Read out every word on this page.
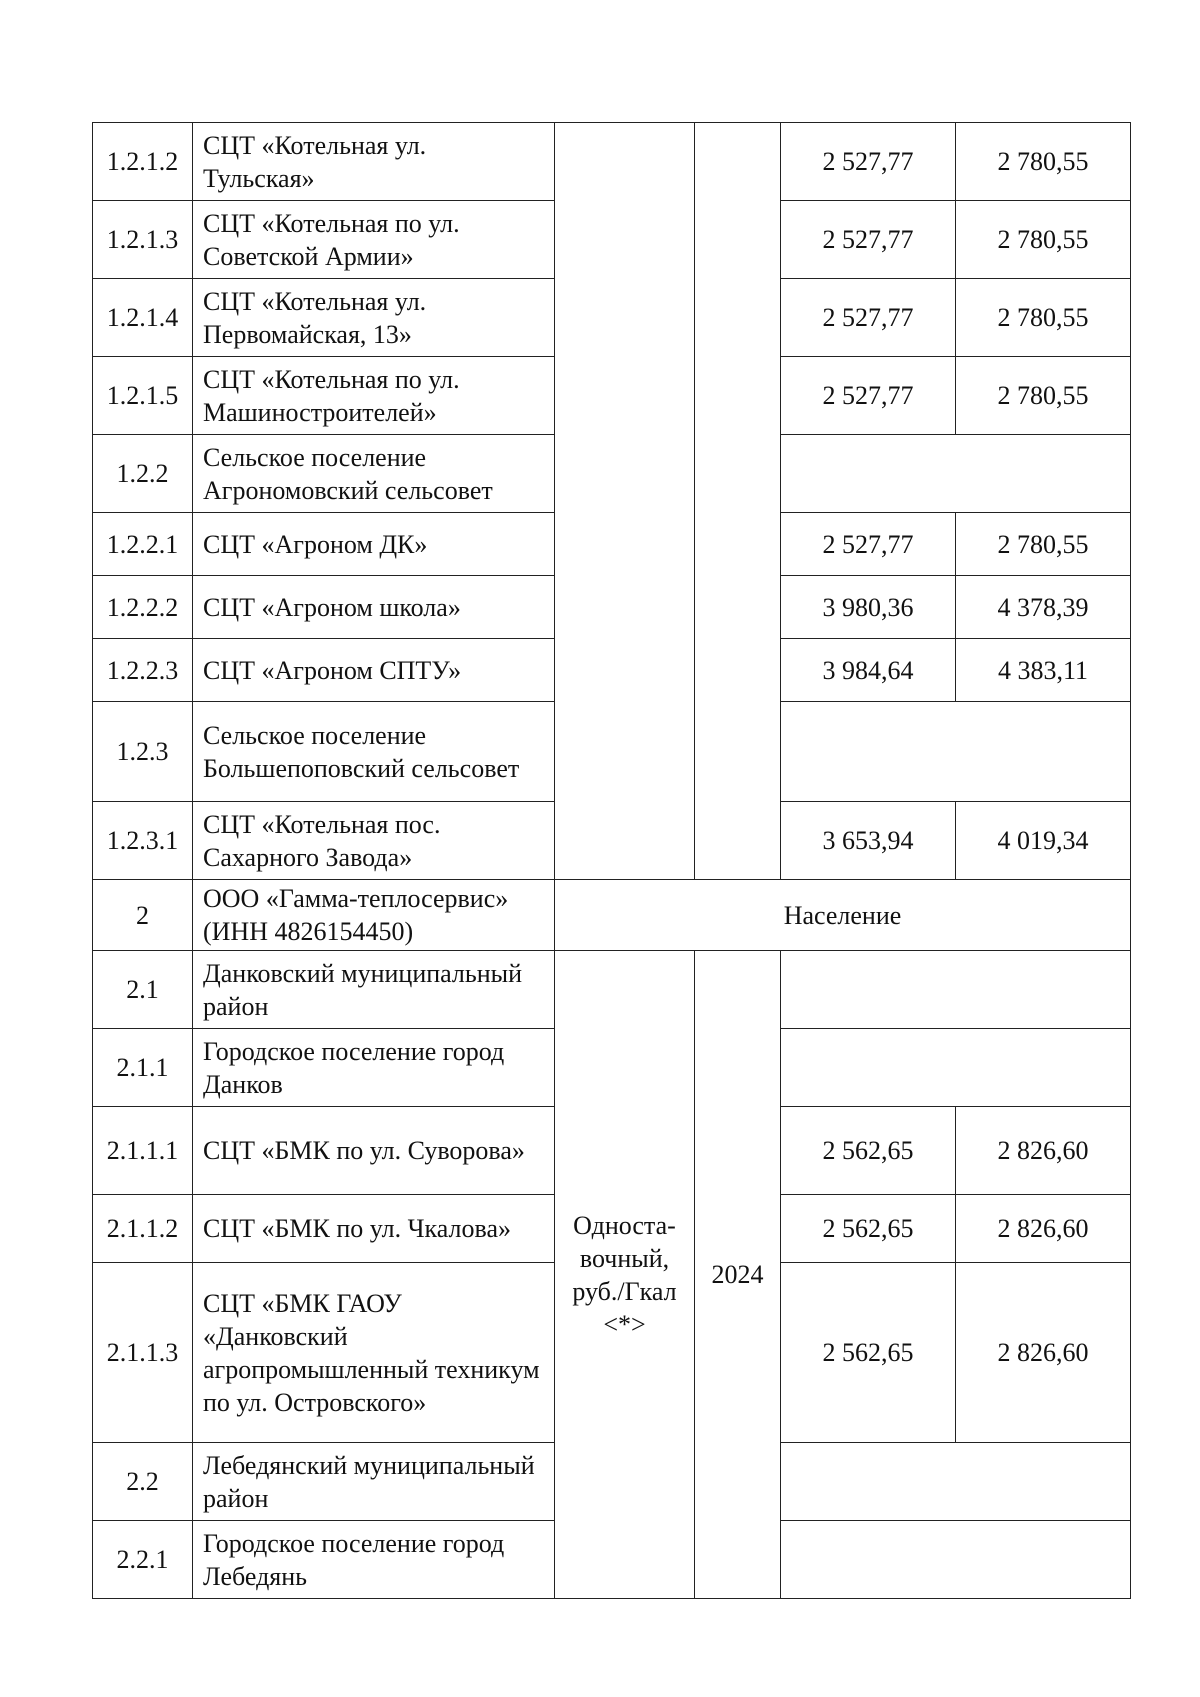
1.2.1.2	СЦТ «Котельная ул. Тульская»			2 527,77	2 780,55
1.2.1.3	СЦТ «Котельная по ул. Советской Армии»			2 527,77	2 780,55
1.2.1.4	СЦТ «Котельная ул. Первомайская, 13»			2 527,77	2 780,55
1.2.1.5	СЦТ «Котельная по ул. Машиностроителей»			2 527,77	2 780,55
1.2.2	Сельское поселение Агрономовский сельсовет				
1.2.2.1	СЦТ «Агроном ДК»			2 527,77	2 780,55
1.2.2.2	СЦТ «Агроном школа»			3 980,36	4 378,39
1.2.2.3	СЦТ «Агроном СПТУ»			3 984,64	4 383,11
1.2.3	Сельское поселение Большепоповский сельсовет				
1.2.3.1	СЦТ «Котельная пос. Сахарного Завода»			3 653,94	4 019,34
2	ООО «Гамма-теплосервис» (ИНН 4826154450)	Население			
2.1	Данковский муниципальный район	Односта-вочный, руб./Гкал <*>	2024		
2.1.1	Городское поселение город Данков				
2.1.1.1	СЦТ «БМК по ул. Суворова»			2 562,65	2 826,60
2.1.1.2	СЦТ «БМК по ул. Чкалова»			2 562,65	2 826,60
2.1.1.3	СЦТ «БМК ГАОУ «Данковский агропромышленный техникум по ул. Островского»			2 562,65	2 826,60
2.2	Лебедянский муниципальный район				
2.2.1	Городское поселение город Лебедянь				
